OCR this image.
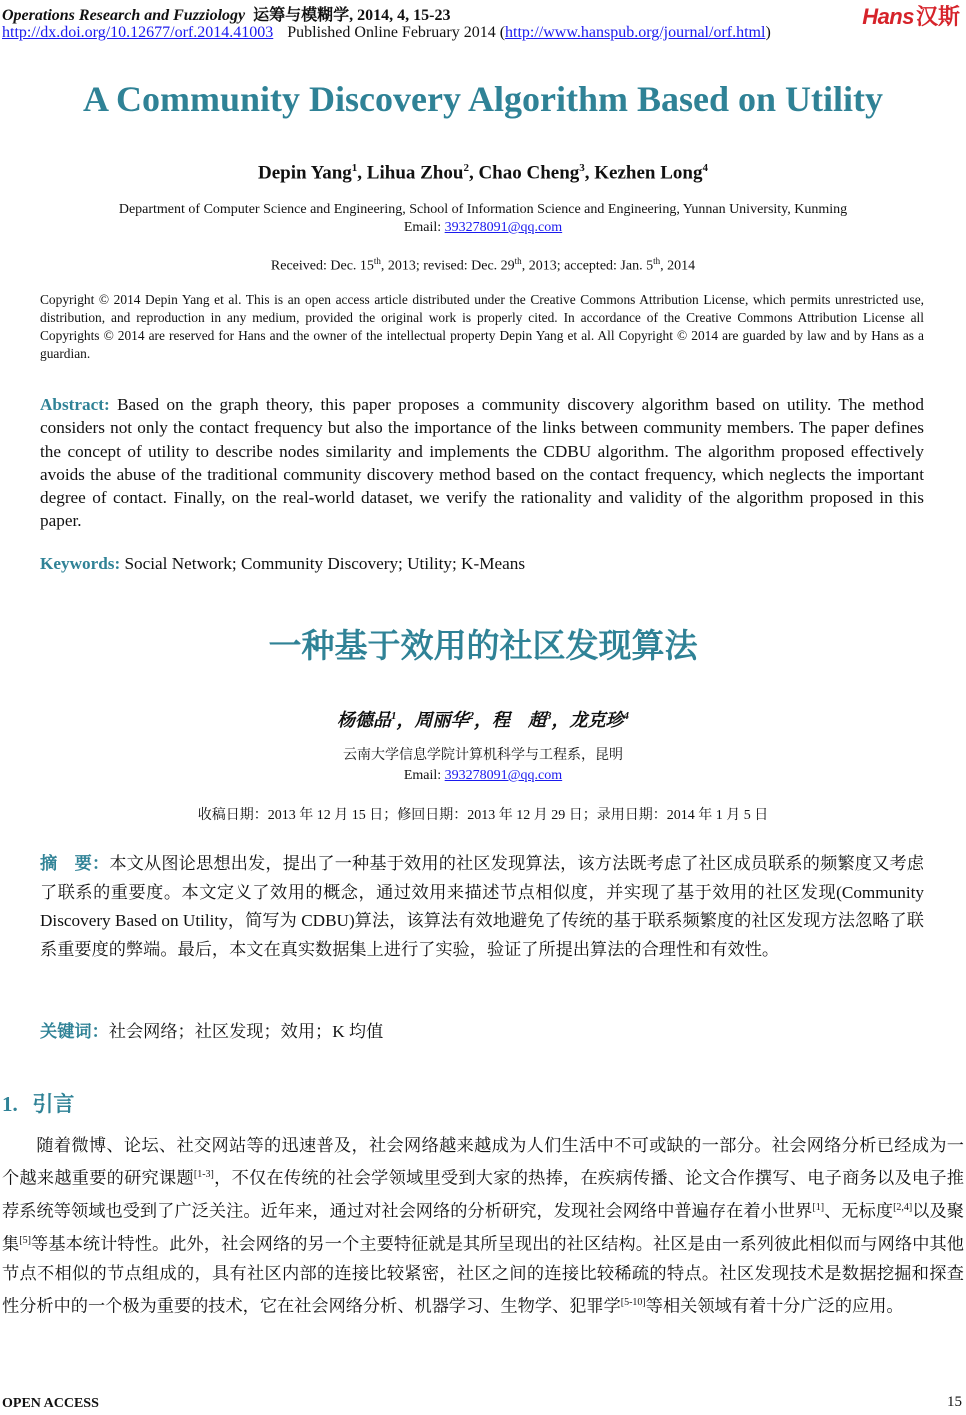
Operations Research and Fuzziology 运筹与模糊学, 2014, 4, 15-23
http://dx.doi.org/10.12677/orf.2014.41003 Published Online February 2014 (http://www.hanspub.org/journal/orf.html)
Hans汉斯
A Community Discovery Algorithm Based on Utility
Depin Yang$^1$, Lihua Zhou$^2$, Chao Cheng$^3$, Kezhen Long$^4$
Department of Computer Science and Engineering, School of Information Science and Engineering, Yunnan University, Kunming
Email: 393278091@qq.com
Received: Dec. 15th, 2013; revised: Dec. 29th, 2013; accepted: Jan. 5th, 2014
Copyright © 2014 Depin Yang et al. This is an open access article distributed under the Creative Commons Attribution License, which permits unrestricted use, distribution, and reproduction in any medium, provided the original work is properly cited. In accordance of the Creative Commons Attribution License all Copyrights © 2014 are reserved for Hans and the owner of the intellectual property Depin Yang et al. All Copyright © 2014 are guarded by law and by Hans as a guardian.
Abstract: Based on the graph theory, this paper proposes a community discovery algorithm based on utility. The method considers not only the contact frequency but also the importance of the links between community members. The paper defines the concept of utility to describe nodes similarity and implements the CDBU algorithm. The algorithm proposed effectively avoids the abuse of the traditional community discovery method based on the contact frequency, which neglects the important degree of contact. Finally, on the real-world dataset, we verify the rationality and validity of the algorithm proposed in this paper.
Keywords: Social Network; Community Discovery; Utility; K-Means
一种基于效用的社区发现算法
杨德品$^1$，周丽华$^2$，程　超$^3$，龙克珍$^4$
云南大学信息学院计算机科学与工程系，昆明
Email: 393278091@qq.com
收稿日期：2013 年 12 月 15 日；修回日期：2013 年 12 月 29 日；录用日期：2014 年 1 月 5 日
摘　要：本文从图论思想出发，提出了一种基于效用的社区发现算法，该方法既考虑了社区成员联系的频繁度又考虑了联系的重要度。本文定义了效用的概念，通过效用来描述节点相似度，并实现了基于效用的社区发现(Community Discovery Based on Utility，简写为 CDBU)算法，该算法有效地避免了传统的基于联系频繁度的社区发现方法忽略了联系重要度的弊端。最后，本文在真实数据集上进行了实验，验证了所提出算法的合理性和有效性。
关键词：社会网络；社区发现；效用；K 均值
1. 引言
随着微博、论坛、社交网站等的迅速普及，社会网络越来越成为人们生活中不可或缺的一部分。社会网络分析已经成为一个越来越重要的研究课题[1-3]，不仅在传统的社会学领域里受到大家的热捧，在疾病传播、论文合作撰写、电子商务以及电子推荐系统等领域也受到了广泛关注。近年来，通过对社会网络的分析研究，发现社会网络中普遍存在着小世界[1]、无标度[2,4]以及聚集[5]等基本统计特性。此外，社会网络的另一个主要特征就是其所呈现出的社区结构。社区是由一系列彼此相似而与网络中其他节点不相似的节点组成的，具有社区内部的连接比较紧密，社区之间的连接比较稀疏的特点。社区发现技术是数据挖掘和探查性分析中的一个极为重要的技术，它在社会网络分析、机器学习、生物学、犯罪学[5-10]等相关领域有着十分广泛的应用。
OPEN ACCESS	15
